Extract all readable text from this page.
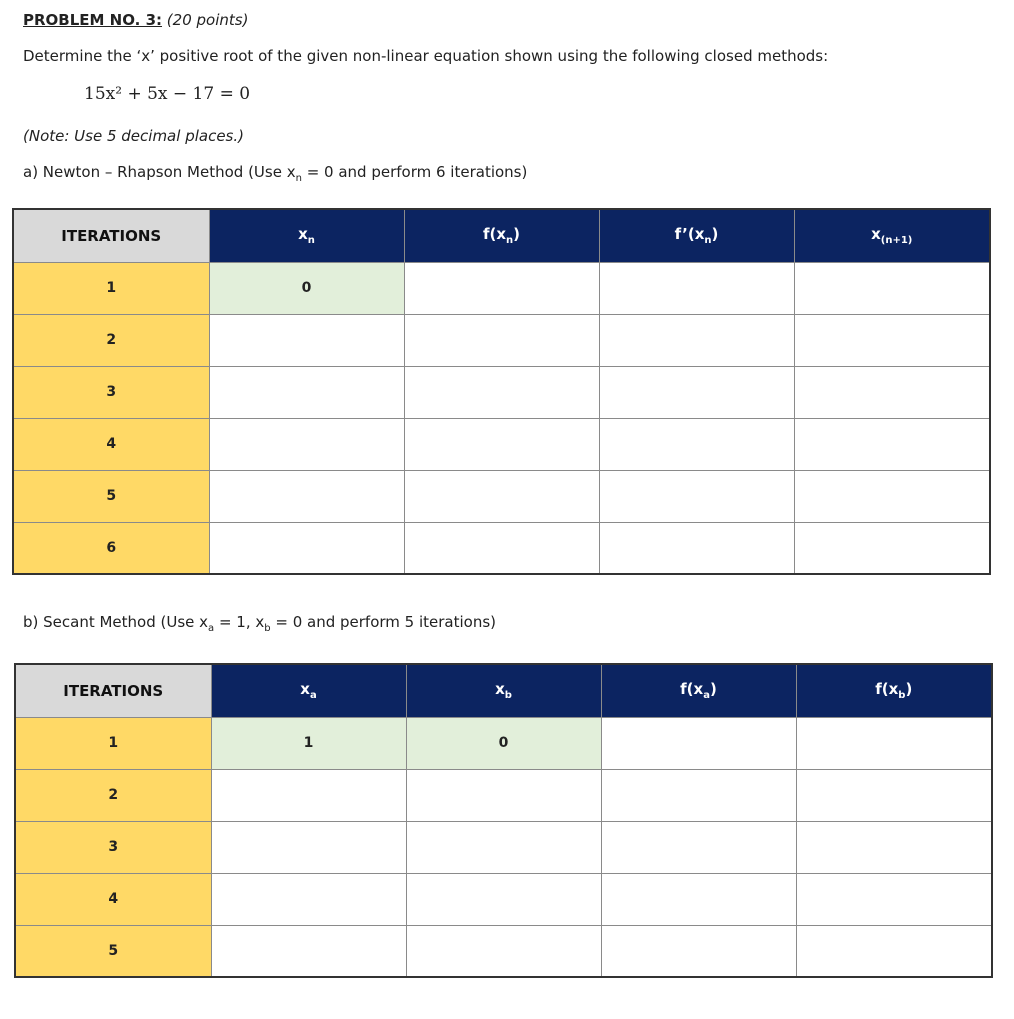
PROBLEM NO. 3: (20 points)
Determine the ‘x’ positive root of the given non-linear equation shown using the following closed methods:
15x² + 5x − 17 = 0
(Note: Use 5 decimal places.)
a) Newton – Rhapson Method (Use $x_n = 0$ and perform 6 iterations)
ITERATIONS	$x_n$	$f(x_n)$	$f’(x_n)$	$x_{(n+1)}$
1	0			
2				
3				
4				
5				
6				
b) Secant Method (Use $x_a = 1$, $x_b = 0$ and perform 5 iterations)
ITERATIONS	$x_a$	$x_b$	$f(x_a)$	$f(x_b)$
1	1	0		
2				
3				
4				
5				
